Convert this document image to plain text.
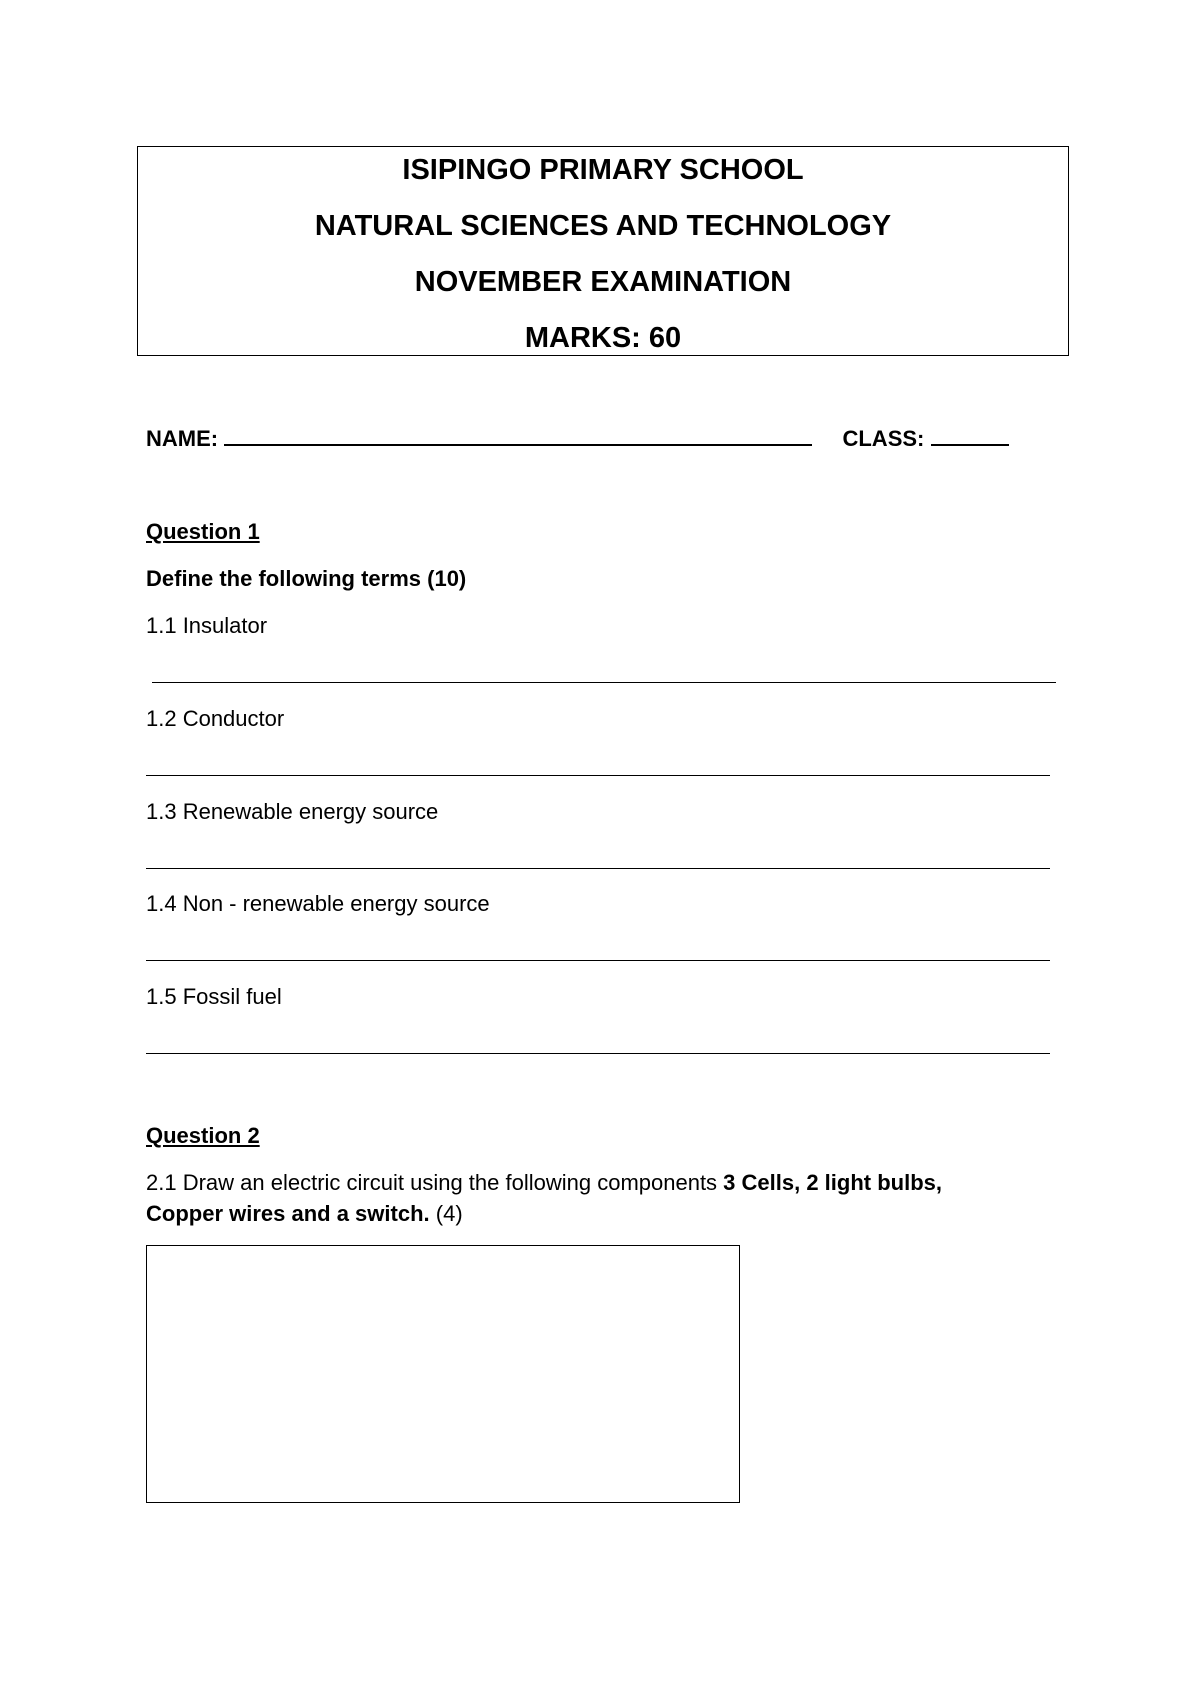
ISIPINGO PRIMARY SCHOOL
NATURAL SCIENCES AND TECHNOLOGY
NOVEMBER EXAMINATION
MARKS: 60
NAME:	CLASS:
Question 1
Define the following terms (10)
1.1 Insulator
1.2 Conductor
1.3 Renewable energy source
1.4 Non - renewable energy source
1.5 Fossil fuel
Question 2
2.1 Draw an electric circuit using the following components 3 Cells, 2 light bulbs,
Copper wires and a switch. (4)
